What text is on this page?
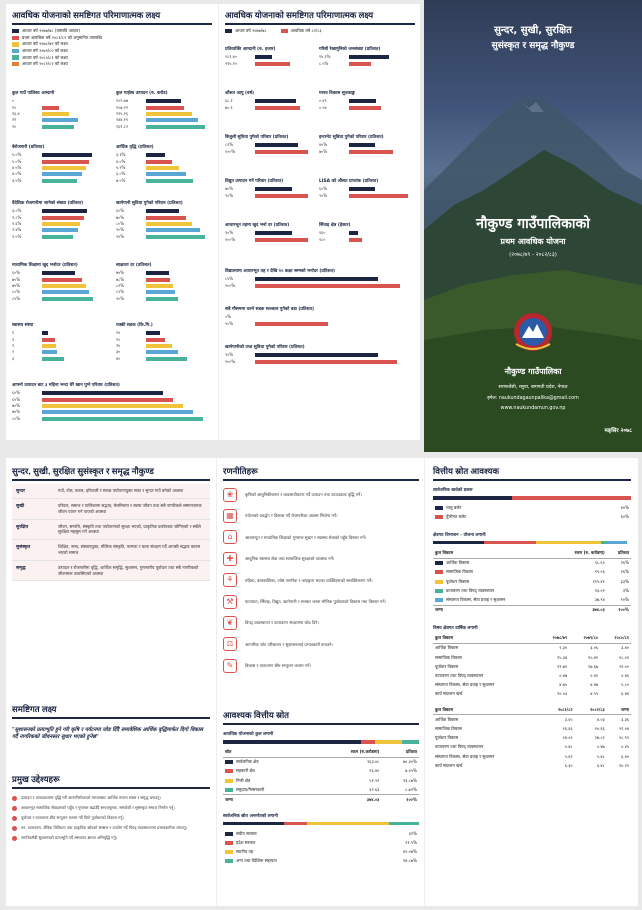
आवधिक योजनाको समष्टिगत परिमाणात्मक लक्ष्य
आधार वर्ष २०७७/७८ (वास्तवि आधार)
प्रथम आवधिक वर्ष २०८१/८२ को अनुमानित उपलब्धि
आधार वर्ष २०७८/७९ को लक्ष्य
आधार वर्ष २०७९/८० को लक्ष्य
आधार वर्ष २०८०/८१ को लक्ष्य
आधार वर्ष २०८१/८२ को लक्ष्य
कुल गाउँ पालिका आम्दानी
०
१०
१६.४
२२
२०
कुल गार्हस्थ उत्पादन (रु. करोड)
१०२.७७
१०७.२२
१२५.२६
१४४.२९
१६२.८२
बेरोजगारी (प्रतिशत)
५.०%
५.०%
४.५%
४.०%
३.५%
आर्थिक वृद्धि (प्रतिशत)
३.१%
४.०%
५.२%
६.०%
७.०%
वैदेशिक रोजगारीमा जानेको संख्या (प्रतिशत)
३.०%
२.८%
२.६%
२.४%
२.०%
खानेपानी सुविधा पुगेको परिवार (प्रतिशत)
६०%
७०%
८०%
९०%
९५%
माध्यमिक शिक्षामा खुद भर्नादर (प्रतिशत)
६०%
७०%
७५%
८०%
८५%
साक्षरता दर (प्रतिशत)
७५%
७८%
८२%
८५%
९०%
स्वास्थ्य संस्था
१
२
२
२
३
पक्की सडक (कि.मि.)
१५
२०
२५
३०
४०
आफ्नो उत्पादन बाट ३ महिना भन्दा धेरै खान पुग्ने परिवार (प्रतिशत)
६०%
६५%
७०%
७५%
८०%
आवधिक योजनाको समष्टिगत परिमाणात्मक लक्ष्य
आधार वर्ष २०७७/७८	आवधिक वर्ष ८२/८३
प्रतिव्यक्ति आम्दानी (रु. हजार)
१८२.४०
२१५.२०
गरिबी रेखामुनिको जनसंख्या (प्रतिशत)
१५.२%
८.५%
औसत आयु (वर्ष)
६८.१
७०.१
मानव विकास सूचकाङ्क
०.४९
०.५४
बिजुली सुविधा पुगेको परिवार (प्रतिशत)
८१%
१००%
इन्टरनेट सुविधा पुगेको परिवार (प्रतिशत)
४०%
७०%
विद्युत उत्पादन गर्ने परिवार (प्रतिशत)
७०%
९०%
LISA को औसत प्राप्तांक (प्रतिशत)
६०%
९०%
आधारभूत तहमा खुद भर्ना दर (प्रतिशत)
९०%
१००%
सिँचाइ क्षेत्र (हेक्टर)
१६०
१८०
विद्यालयमा आधारभूत तह र देखि १० कक्षा सम्मको भर्नादर (प्रतिशत)
८५%
१००%
सबै मौसममा चल्ने सडक सञ्जाल पुगेको वडा (प्रतिशत)
०%
५०%
खानेपानीको उच्च सुविधा पुगेको परिवार (प्रतिशत)
९०%
१००%
सुन्दर, सुखी, सुरक्षित
सुसंस्कृत र समृद्ध नौकुण्ड
नौकुण्ड गाउँपालिकाको
प्रथम आवधिक योजना
(२०७८/७९ - २०८२/८३)
नौकुण्ड गाउँपालिका
सराफवेंसी, रसुवा, बागमती प्रदेश, नेपाल
इमेल: naukundagaunpalika@gmail.com
www.naukundamun.gov.np
मङ्सिर २०७८
सुन्दर, सुखी, सुरक्षित सुसंस्कृत र समृद्ध नौकुण्ड
सुन्दर	गाउँ, टोल, बजार, हरियाली र स्वच्छ पर्यावरणयुक्त सफा र सुन्दर गाउँ बनेको अवस्था
सुखी	परिवार, समाज र पालिकामा सद्भाव, मेलमिलाप र स्वस्थ जीवन तथा सबै नागरिकले सम्मानजनक जीवन यापन गर्न पाएको अवस्था
सुरक्षित	जीवन, सम्पत्ति, संस्कृति तथा पर्यावरणको सुरक्षा भएको, प्राकृतिक प्रकोपबाट जोगिएको र सबैले सुरक्षित महसुस गर्ने अवस्था
सुसंस्कृत	शिक्षित, सभ्य, संस्कारयुक्त, मौलिक संस्कृति, परम्परा र कला संरक्षण गर्दै आपसी सद्भाव कायम भएको समाज
समृद्ध	उत्पादन र रोजगारीमा वृद्धि, आर्थिक समृद्धि, सुशासन, गुणस्तरीय पूर्वाधार तथा सबै नागरिकको जीवनस्तर उकासिएको अवस्था
समष्टिगत लक्ष्य
"सुशासनको प्रत्याभूति हुने गरी कृषि र पर्यटनमा जोड दिँदै समावेशिक आर्थिक वृद्धिमार्फत दिगो विकास गर्दै नागरिकको जीवनस्तर सुधार भएको हुनेछ"
प्रमुख उद्देश्यहरू
उत्पादन र उत्पादकत्वमा वृद्धि गरी आत्मनिर्भरताको माध्यमबाट आर्थिक रूपमा सबल र समृद्ध बनाउनु।
आधारभूत सामाजिक सेवाहरूको पहुँच र गुणस्तर बढाउँदै समतामूलक, समावेशी र सुसंस्कृत समाज निर्माण गर्नु।
पूर्वाधार र वातावरण बीच सन्तुलन कायम गर्दै दिगो पूर्वाधारको विकास गर्नु।
वन, वातावरण, जैविक विविधता तथा प्राकृतिक स्रोतको संरक्षण र उपयोग गर्दै विपद् व्यवस्थापनमा प्रभावकारिता ल्याउनु।
नागरिकमैत्री सुशासनको प्रत्याभूति गर्दै संस्थागत क्षमता अभिवृद्धि गर्नु।
रणनीतिहरू
❀	कृषिको आधुनिकीकरण र व्यवसायीकरण गर्दै उत्पादन तथा उत्पादकत्व वृद्धि गर्ने।
▦	पर्यटनको प्रवर्द्धन र विकास गर्दै रोजगारीका अवसर सिर्जना गर्ने।
⌂	आधारभूत र माध्यमिक शिक्षाको गुणस्तर सुधार र स्वास्थ्य सेवाको पहुँच विस्तार गर्ने।
✚	आधुनिक स्वास्थ्य सेवा तथा सामाजिक सुरक्षाको व्यवस्था गर्ने।
⚘	महिला, बालबालिका, ज्येष्ठ नागरिक र अपाङ्गता भएका व्यक्तिहरूको सशक्तिकरण गर्ने।
⚒	यातायात, सिँचाइ, विद्युत, खानेपानी र सञ्चार जस्ता भौतिक पूर्वाधारको विकास तथा विस्तार गर्ने।
❦	विपद् व्यवस्थापन र वातावरण संरक्षणमा जोड दिने।
⚖	आन्तरिक श्रोत परिचालन र सुशासनलाई प्रभावकारी बनाउने।
✎	विकास र वातावरण बीच सन्तुलन कायम गर्ने।
आवश्यक वित्तीय स्रोत
आवधिक योजनाको कुल लगानी
स्रोत	रकम (रु.करोडमा)	प्रतिशत
सार्वजनिक क्षेत्र	२६३.०८	७०.३०%
सहकारी क्षेत्र	२६.४०	७.०५%
निजी क्षेत्र	५१.९२	१३.८७%
समुदाय/गैरसरकारी	३२.६३	८.७२%
जम्मा	३७४.०३	१००%
सार्वजनिक स्रोत अन्तर्गतको लगानी
संघीय सरकार	३१%
प्रदेश सरकार	११.९%
स्थानीय तह	४२.०७%
अन्य तथा वैदेशिक सहायता	१४.८७%
वित्तीय स्रोत आवश्यक
सार्वजनिक खर्चको प्रकार
चालु बजेट	४०%
पुँजीगत बजेट	६०%
क्षेत्रगत विभाजन - योजना लगानी
कुल विकास	रकम (रु. करोडमा)	प्रतिशत
आर्थिक विकास	९८.६०	२६%
सामाजिक विकास	९९.०६	२६%
पूर्वाधार विकास	१२५.४१	३३%
वातावरण तथा विपद् व्यवस्थापन	१३.०२	३%
संस्थागत विकास, सेवा प्रवाह र सुशासन	३७.९४	१०%
जम्मा	३७४.०३	१००%
विषय क्षेत्रगत वार्षिक लगानी
कुल विकास	२०७८/७९	२०७९/८०	२०८०/८१
आर्थिक विकास	२.३०	३.०६	३.४०
सामाजिक विकास	१५.३४	१५.४१	१८.०१
पूर्वाधार विकास	१९.७१	१७.६७	२२.००
वातावरण तथा विपद् व्यवस्थापन	०.४७	०.४२	०.४६
संस्थागत विकास, सेवा प्रवाह र सुशासन	४.७५	४.४७	५.८०
कार्य संचालन खर्च	१०.०३	४.५९	६.४४
कुल विकास	२०८१/८२	२०८२/८३	जम्मा
आर्थिक विकास	३.६५	४.०३	३.३६
सामाजिक विकास	२६.६६	२०.६६	२१.०४
पूर्वाधार विकास	२४.०२	२७.८२	२८.९२
वातावरण तथा विपद् व्यवस्थापन	०.४८	०.४७	०.४५
संस्थागत विकास, सेवा प्रवाह र सुशासन	५.६९	५.४८	६.४०
कार्य संचालन खर्च	६.३०	६.४८	१०.२२
